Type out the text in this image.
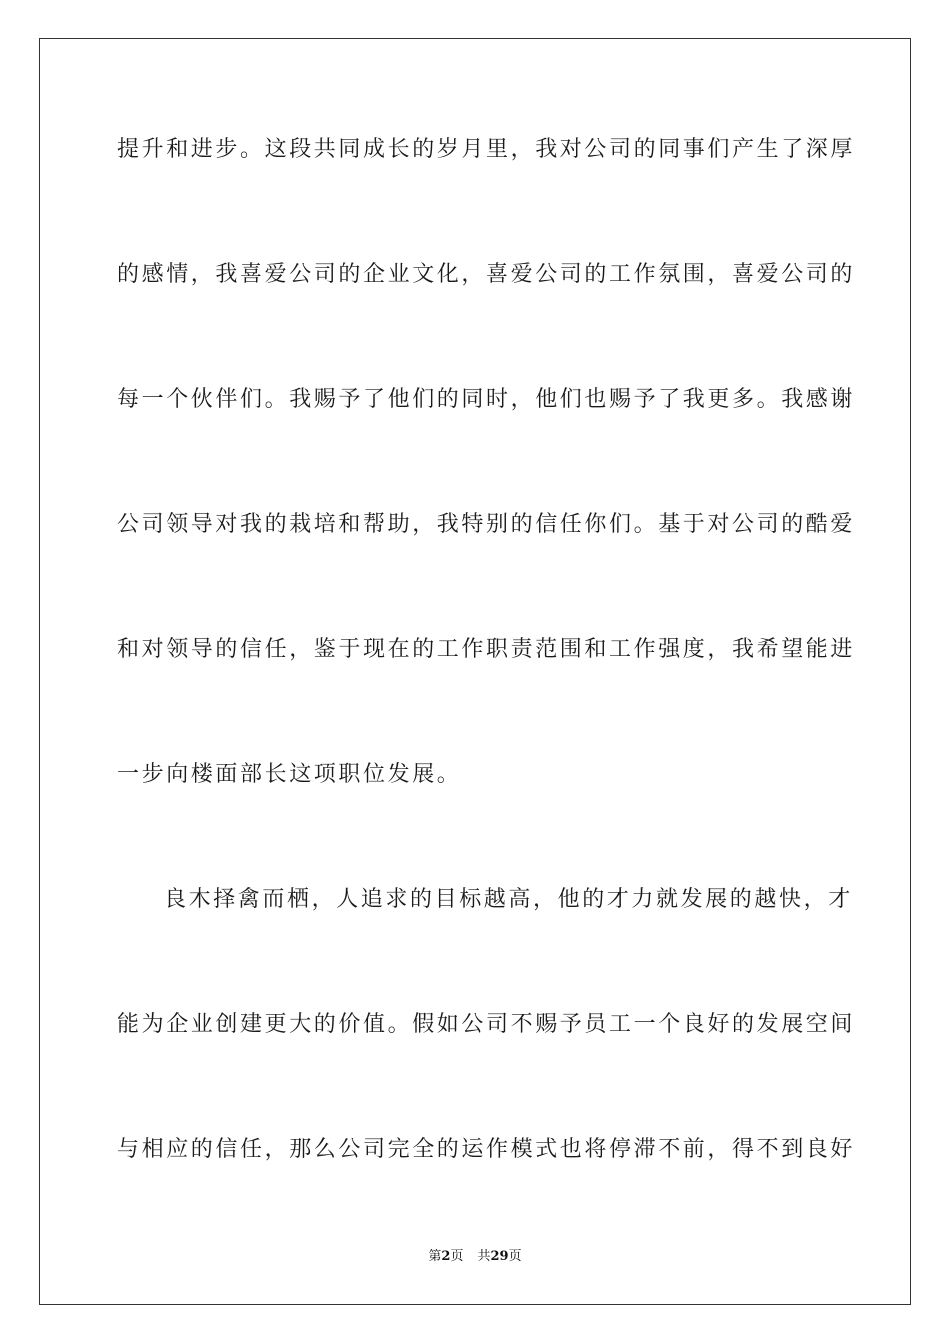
提升和进步。这段共同成长的岁月里，我对公司的同事们产生了深厚
的感情，我喜爱公司的企业文化，喜爱公司的工作氛围，喜爱公司的
每一个伙伴们。我赐予了他们的同时，他们也赐予了我更多。我感谢
公司领导对我的栽培和帮助，我特别的信任你们。基于对公司的酷爱
和对领导的信任，鉴于现在的工作职责范围和工作强度，我希望能进
一步向楼面部长这项职位发展。
良木择禽而栖，人追求的目标越高，他的才力就发展的越快，才
能为企业创建更大的价值。假如公司不赐予员工一个良好的发展空间
与相应的信任，那么公司完全的运作模式也将停滞不前，得不到良好
第2页 共29页
